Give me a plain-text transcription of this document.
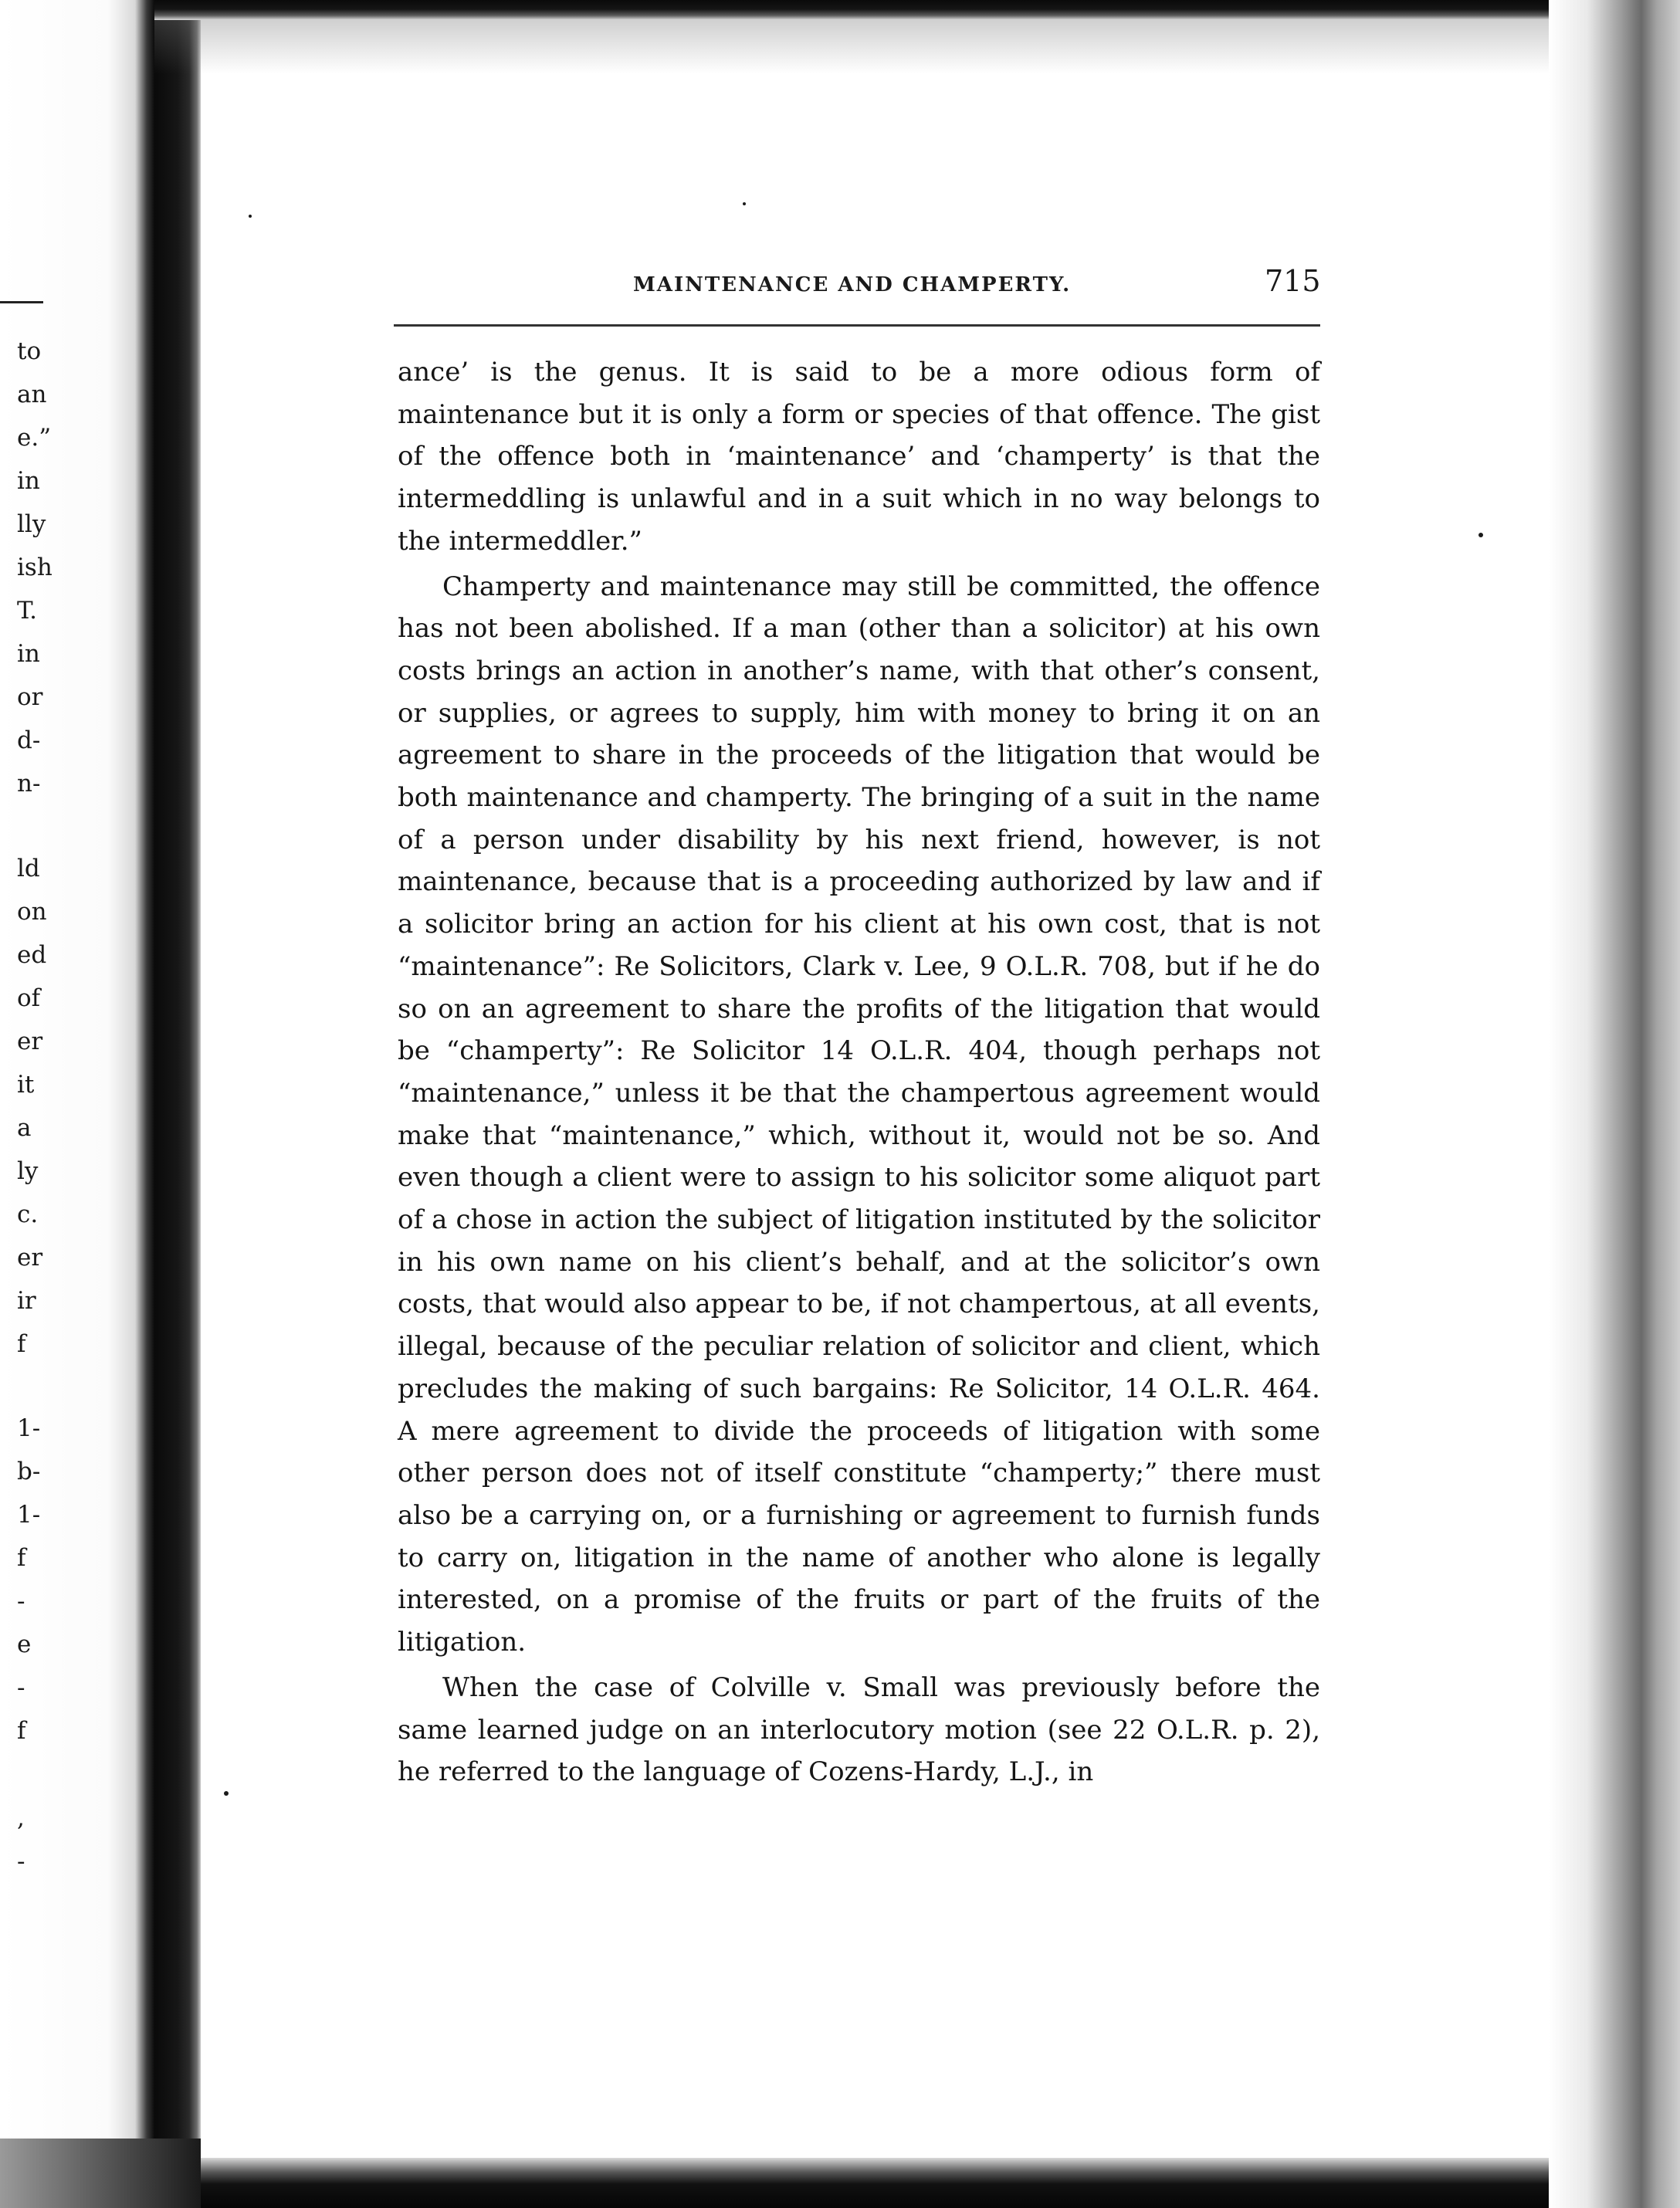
to
an
e.”
in
lly
ish
T.
in
or
d-
n-
ld
on
ed
of
er
it
a
ly
c.
er
ir
f
1-
b-
1-
f
-
e
-
f
,
-
MAINTENANCE AND CHAMPERTY.	715

ance’ is the genus. It is said to be a more odious form of maintenance but it is only a form or species of that offence. The gist of the offence both in ‘maintenance’ and ‘champerty’ is that the intermeddling is unlawful and in a suit which in no way belongs to the intermeddler.”

Champerty and maintenance may still be committed, the offence has not been abolished. If a man (other than a solicitor) at his own costs brings an action in another’s name, with that other’s consent, or supplies, or agrees to supply, him with money to bring it on an agreement to share in the proceeds of the litigation that would be both maintenance and champerty. The bringing of a suit in the name of a person under disability by his next friend, however, is not maintenance, because that is a proceeding authorized by law and if a solicitor bring an action for his client at his own cost, that is not “maintenance”: Re Solicitors, Clark v. Lee, 9 O.L.R. 708, but if he do so on an agreement to share the profits of the litigation that would be “champerty”: Re Solicitor 14 O.L.R. 404, though perhaps not “maintenance,” unless it be that the champertous agreement would make that “maintenance,” which, without it, would not be so. And even though a client were to assign to his solicitor some aliquot part of a chose in action the subject of litigation instituted by the solicitor in his own name on his client’s behalf, and at the solicitor’s own costs, that would also appear to be, if not champertous, at all events, illegal, because of the peculiar relation of solicitor and client, which precludes the making of such bargains: Re Solicitor, 14 O.L.R. 464. A mere agreement to divide the proceeds of litigation with some other person does not of itself constitute “champerty;” there must also be a carrying on, or a furnishing or agreement to furnish funds to carry on, litigation in the name of another who alone is legally interested, on a promise of the fruits or part of the fruits of the litigation.

When the case of Colville v. Small was previously before the same learned judge on an interlocutory motion (see 22 O.L.R. p. 2), he referred to the language of Cozens-Hardy, L.J., in
